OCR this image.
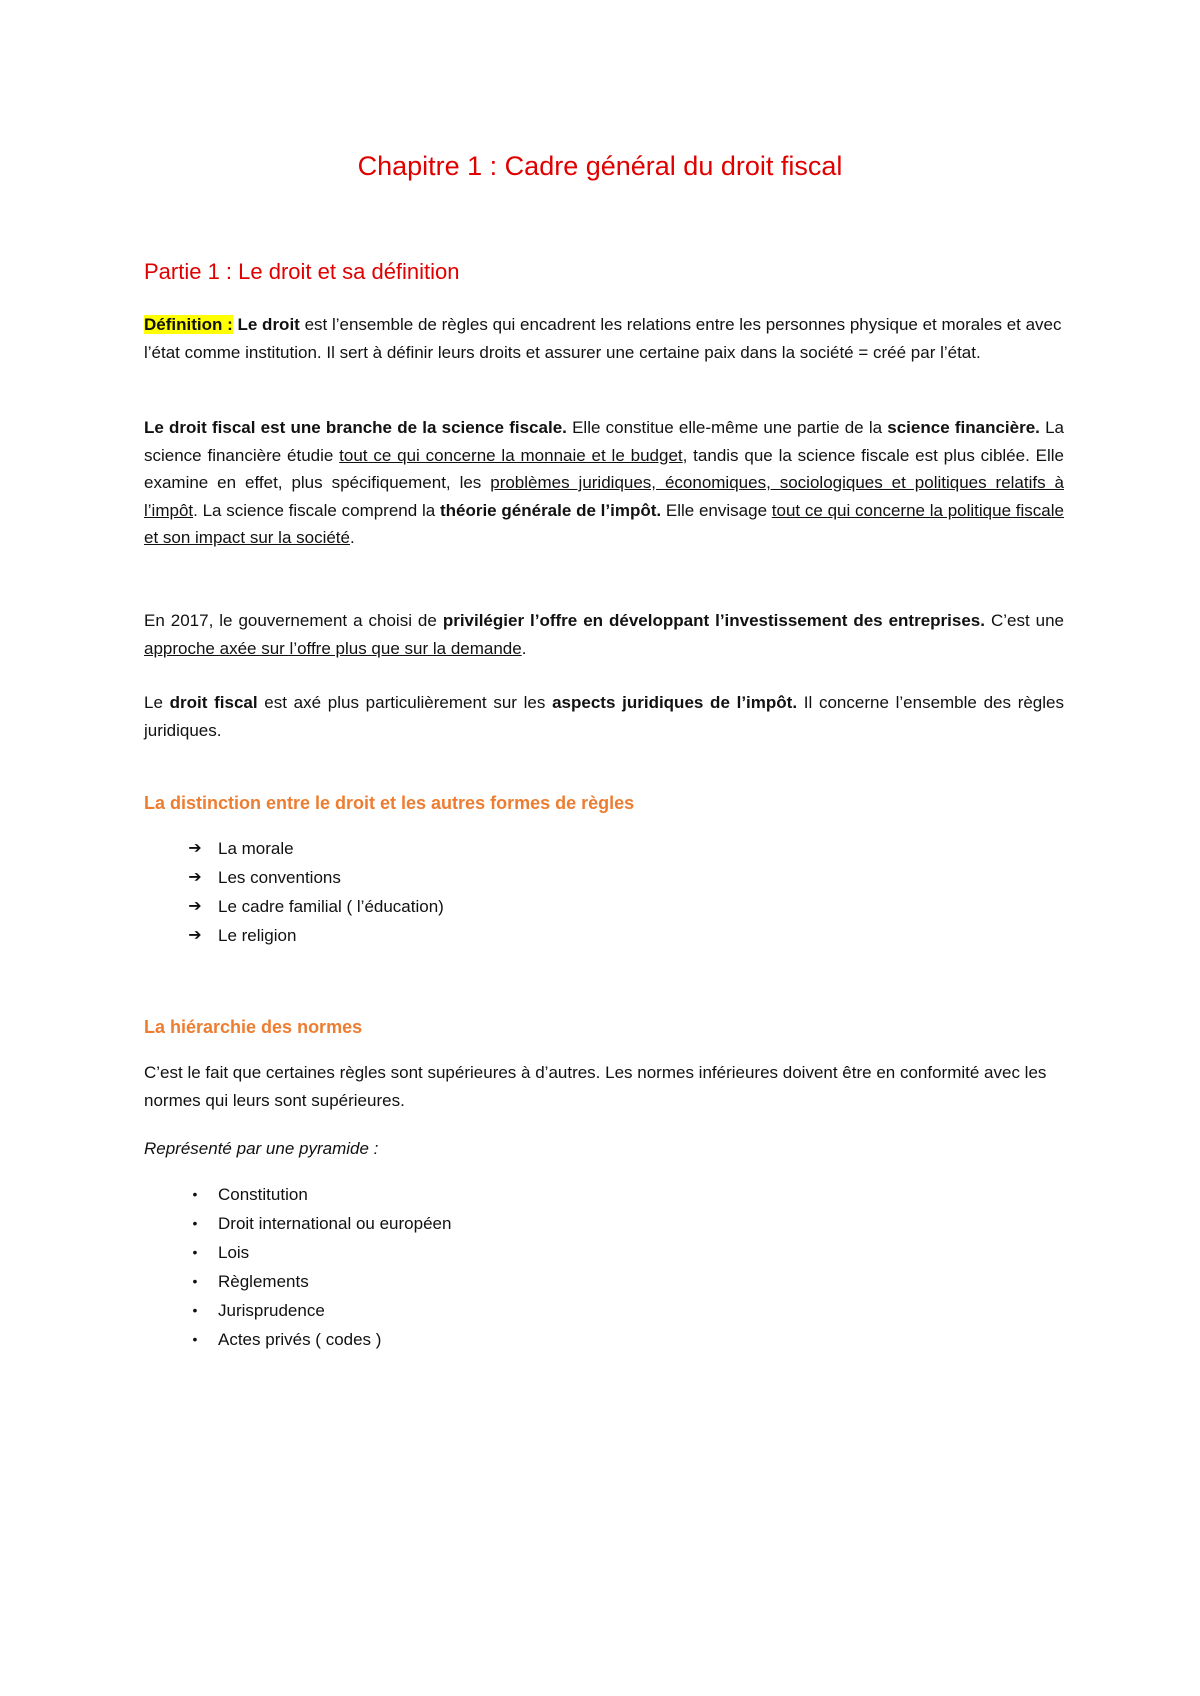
Chapitre 1 : Cadre général du droit fiscal
Partie 1 : Le droit et sa définition

Définition : Le droit est l’ensemble de règles qui encadrent les relations entre les personnes physique et morales et avec l’état comme institution. Il sert à définir leurs droits et assurer une certaine paix dans la société = créé par l’état.

Le droit fiscal est une branche de la science fiscale. Elle constitue elle-même une partie de la science financière. La science financière étudie tout ce qui concerne la monnaie et le budget, tandis que la science fiscale est plus ciblée. Elle examine en effet, plus spécifiquement, les problèmes juridiques, économiques, sociologiques et politiques relatifs à l’impôt. La science fiscale comprend la théorie générale de l’impôt. Elle envisage tout ce qui concerne la politique fiscale et son impact sur la société.

En 2017, le gouvernement a choisi de privilégier l’offre en développant l’investissement des entreprises. C’est une approche axée sur l’offre plus que sur la demande.

Le droit fiscal est axé plus particulièrement sur les aspects juridiques de l’impôt. Il concerne l’ensemble des règles juridiques.

La distinction entre le droit et les autres formes de règles
➔ La morale
➔ Les conventions
➔ Le cadre familial ( l’éducation)
➔ Le religion
La hiérarchie des normes

C’est le fait que certaines règles sont supérieures à d’autres. Les normes inférieures doivent être en conformité avec les normes qui leurs sont supérieures.

Représenté par une pyramide :

•	Constitution
•	Droit international ou européen
•	Lois
•	Règlements
•	Jurisprudence
•	Actes privés ( codes )
